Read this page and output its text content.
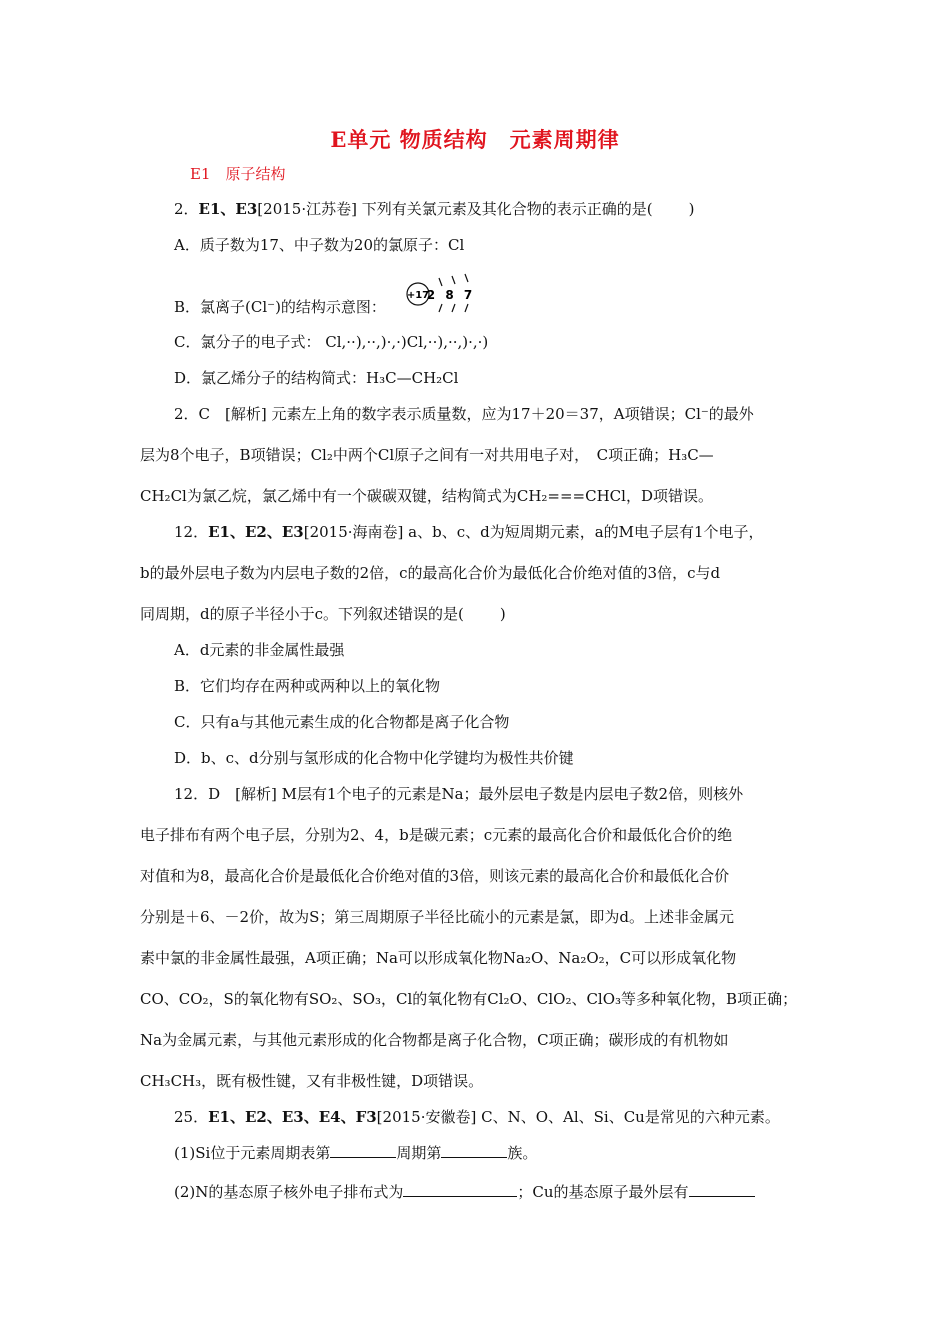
E单元 物质结构　元素周期律
E1　原子结构
2．E1、E3[2015·江苏卷] 下列有关氯元素及其化合物的表示正确的是( )
A．质子数为17、中子数为20的氯原子：Cl
+17
2 8 7
B．氯离子(Cl⁻)的结构示意图：
C．氯分子的电子式： Cl,··),··,)·,·)Cl,··),··,)·,·)
D．氯乙烯分子的结构简式：H₃C—CH₂Cl
2．C　[解析] 元素左上角的数字表示质量数，应为17＋20＝37，A项错误；Cl⁻的最外
层为8个电子，B项错误；Cl₂中两个Cl原子之间有一对共用电子对，　C项正确；H₃C—
CH₂Cl为氯乙烷，氯乙烯中有一个碳碳双键，结构简式为CH₂===CHCl，D项错误。
12．E1、E2、E3[2015·海南卷] a、b、c、d为短周期元素，a的M电子层有1个电子，
b的最外层电子数为内层电子数的2倍，c的最高化合价为最低化合价绝对值的3倍，c与d
同周期，d的原子半径小于c。下列叙述错误的是( )
A．d元素的非金属性最强
B．它们均存在两种或两种以上的氧化物
C．只有a与其他元素生成的化合物都是离子化合物
D．b、c、d分别与氢形成的化合物中化学键均为极性共价键
12．D　[解析] M层有1个电子的元素是Na；最外层电子数是内层电子数2倍，则核外
电子排布有两个电子层，分别为2、4，b是碳元素；c元素的最高化合价和最低化合价的绝
对值和为8，最高化合价是最低化合价绝对值的3倍，则该元素的最高化合价和最低化合价
分别是＋6、－2价，故为S；第三周期原子半径比硫小的元素是氯，即为d。上述非金属元
素中氯的非金属性最强，A项正确；Na可以形成氧化物Na₂O、Na₂O₂，C可以形成氧化物
CO、CO₂，S的氧化物有SO₂、SO₃，Cl的氧化物有Cl₂O、ClO₂、ClO₃等多种氧化物，B项正确；
Na为金属元素，与其他元素形成的化合物都是离子化合物，C项正确；碳形成的有机物如
CH₃CH₃，既有极性键，又有非极性键，D项错误。
25．E1、E2、E3、E4、F3[2015·安徽卷] C、N、O、Al、Si、Cu是常见的六种元素。
(1)Si位于元素周期表第	周期第	族。
(2)N的基态原子核外电子排布式为	；Cu的基态原子最外层有
